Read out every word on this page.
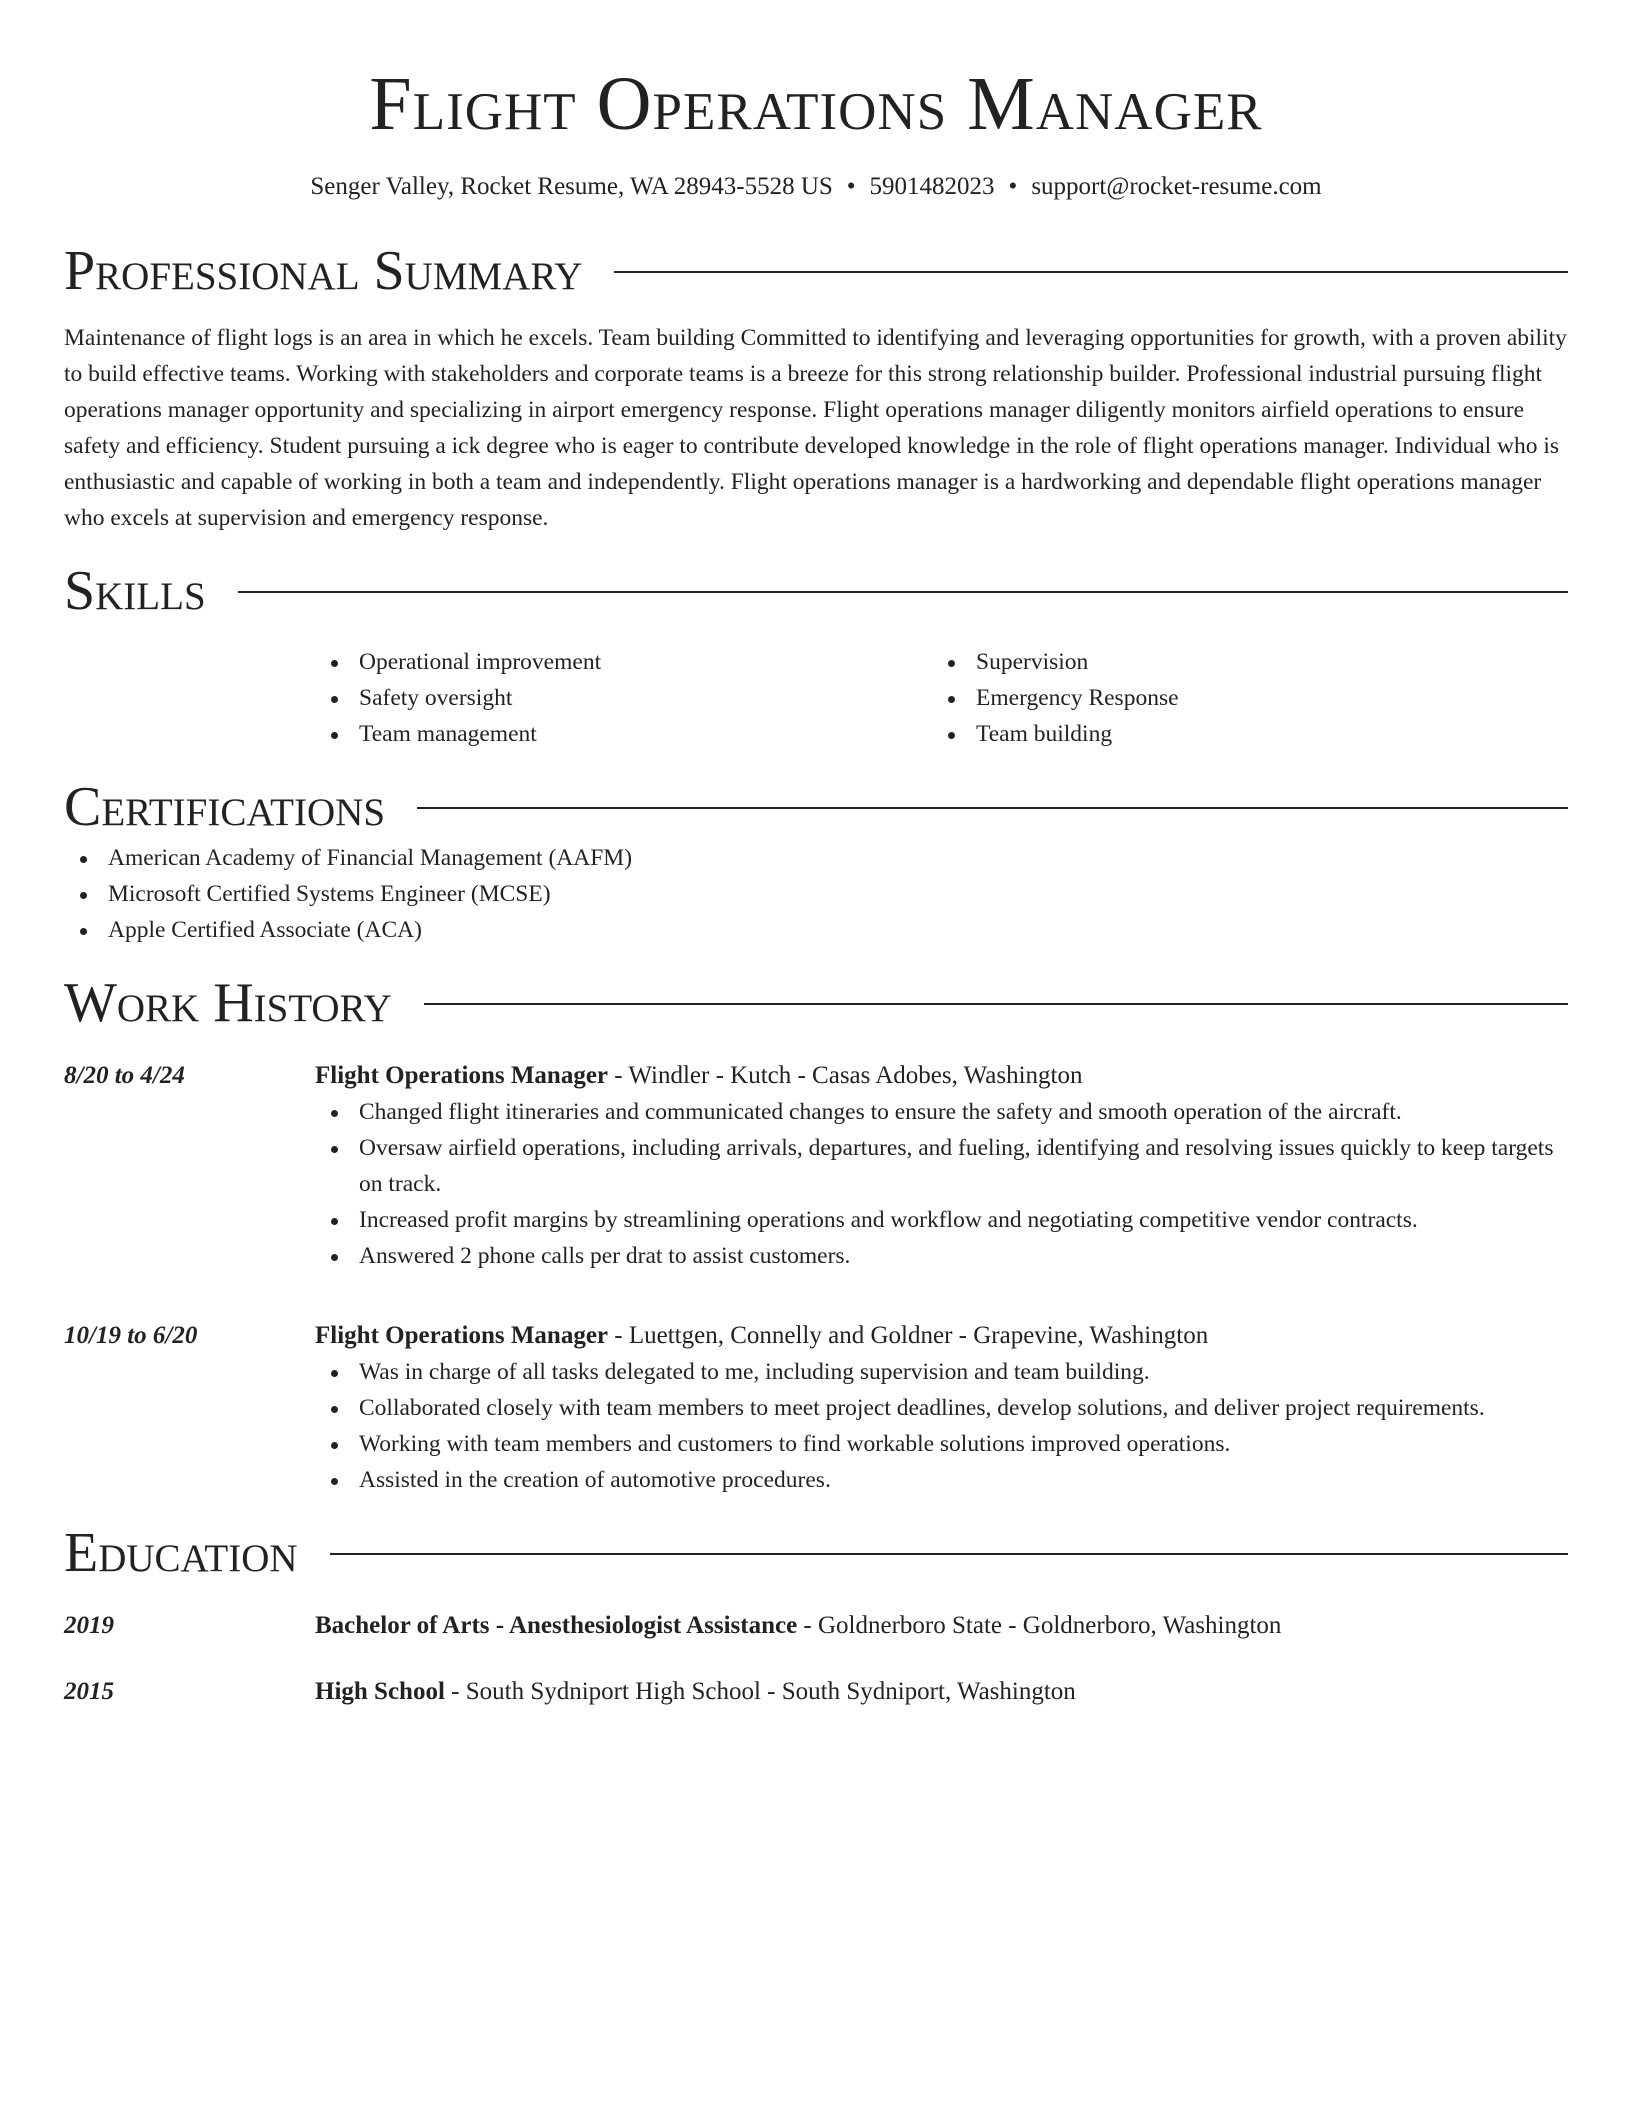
Flight Operations Manager
Senger Valley, Rocket Resume, WA 28943-5528 US • 5901482023 • support@rocket-resume.com
Professional Summary

Maintenance of flight logs is an area in which he excels. Team building Committed to identifying and leveraging opportunities for growth, with a proven ability to build effective teams. Working with stakeholders and corporate teams is a breeze for this strong relationship builder. Professional industrial pursuing flight operations manager opportunity and specializing in airport emergency response. Flight operations manager diligently monitors airfield operations to ensure safety and efficiency. Student pursuing a ick degree who is eager to contribute developed knowledge in the role of flight operations manager. Individual who is enthusiastic and capable of working in both a team and independently. Flight operations manager is a hardworking and dependable flight operations manager who excels at supervision and emergency response.

Skills
Operational improvement
Safety oversight
Team management
Supervision
Emergency Response
Team building
Certifications
American Academy of Financial Management (AAFM)
Microsoft Certified Systems Engineer (MCSE)
Apple Certified Associate (ACA)
Work History
8/20 to 4/24	Flight Operations Manager - Windler - Kutch - Casas Adobes, Washington
Changed flight itineraries and communicated changes to ensure the safety and smooth operation of the aircraft.
Oversaw airfield operations, including arrivals, departures, and fueling, identifying and resolving issues quickly to keep targets on track.
Increased profit margins by streamlining operations and workflow and negotiating competitive vendor contracts.
Answered 2 phone calls per drat to assist customers.
10/19 to 6/20	Flight Operations Manager - Luettgen, Connelly and Goldner - Grapevine, Washington
Was in charge of all tasks delegated to me, including supervision and team building.
Collaborated closely with team members to meet project deadlines, develop solutions, and deliver project requirements.
Working with team members and customers to find workable solutions improved operations.
Assisted in the creation of automotive procedures.
Education
2019	Bachelor of Arts - Anesthesiologist Assistance - Goldnerboro State - Goldnerboro, Washington
2015	High School - South Sydniport High School - South Sydniport, Washington
